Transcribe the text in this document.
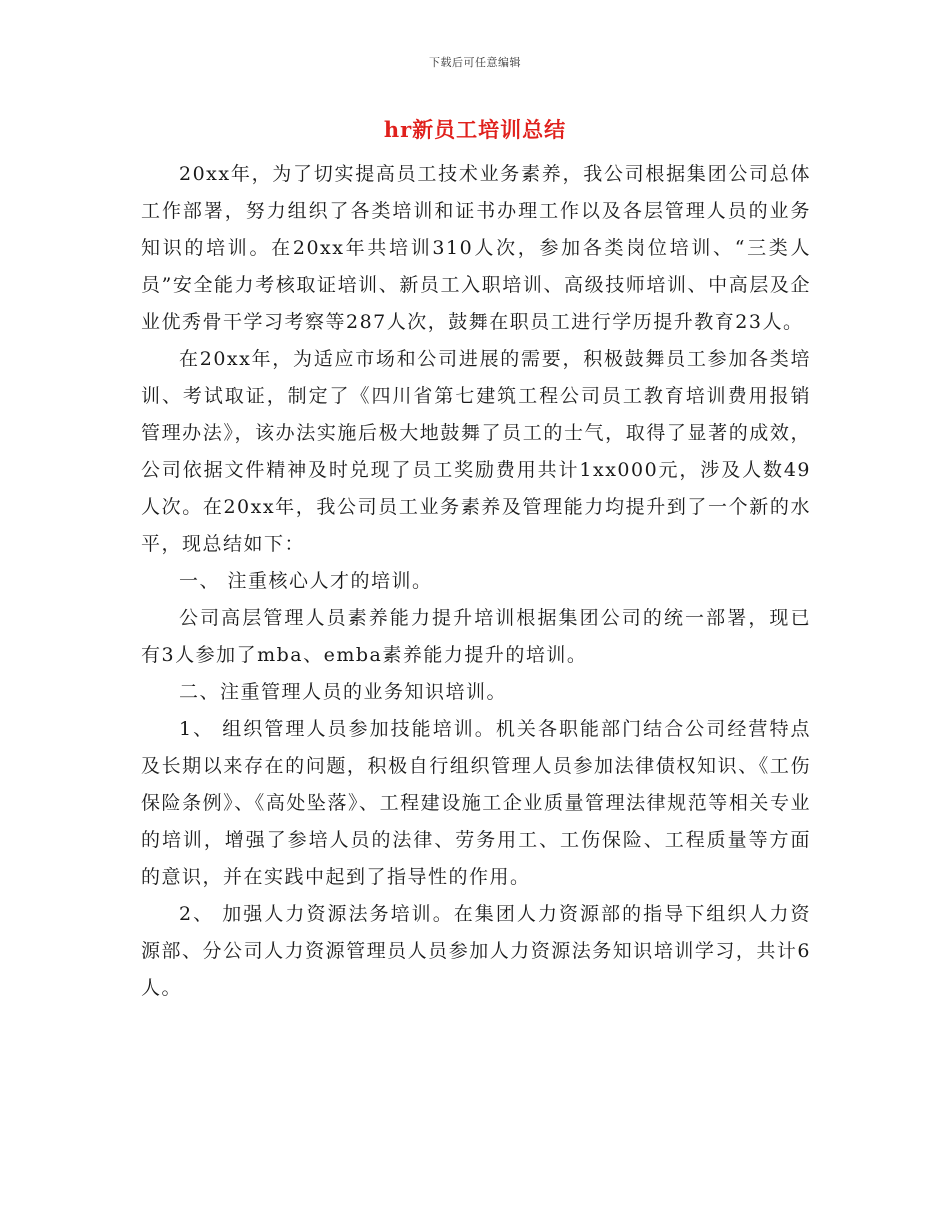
下载后可任意编辑
hr新员工培训总结

20xx年，为了切实提高员工技术业务素养，我公司根据集团公司总体工作部署，努力组织了各类培训和证书办理工作以及各层管理人员的业务知识的培训。在20xx年共培训310人次，参加各类岗位培训、“三类人员”安全能力考核取证培训、新员工入职培训、高级技师培训、中高层及企业优秀骨干学习考察等287人次，鼓舞在职员工进行学历提升教育23人。

在20xx年，为适应市场和公司进展的需要，积极鼓舞员工参加各类培训、考试取证，制定了《四川省第七建筑工程公司员工教育培训费用报销管理办法》，该办法实施后极大地鼓舞了员工的士气，取得了显著的成效，公司依据文件精神及时兑现了员工奖励费用共计1xx000元，涉及人数49人次。在20xx年，我公司员工业务素养及管理能力均提升到了一个新的水平，现总结如下：

一、 注重核心人才的培训。

公司高层管理人员素养能力提升培训根据集团公司的统一部署，现已有3人参加了mba、emba素养能力提升的培训。

二、注重管理人员的业务知识培训。

1、 组织管理人员参加技能培训。机关各职能部门结合公司经营特点及长期以来存在的问题，积极自行组织管理人员参加法律债权知识、《工伤保险条例》、《高处坠落》、工程建设施工企业质量管理法律规范等相关专业的培训，增强了参培人员的法律、劳务用工、工伤保险、工程质量等方面的意识，并在实践中起到了指导性的作用。

2、 加强人力资源法务培训。在集团人力资源部的指导下组织人力资源部、分公司人力资源管理员人员参加人力资源法务知识培训学习，共计6人。
